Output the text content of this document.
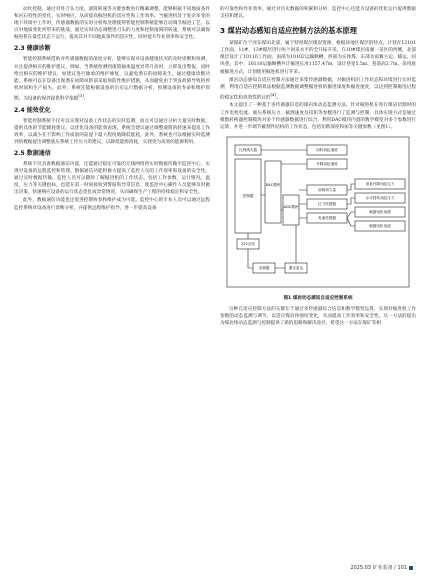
动化控制，通过对进刀头力度、滚筒转速等关键参数进行精确调整，能够根据不同地质条件和岩石特性的变化，实时响应，从而提高掘进机的适应性和工作效率。当掘进机处于复杂多变的地下环境中工作时，传感器数据的实时分析和处理使得智能控制系统能够自动调节掘进工艺，以应对地质变化所带来的挑战。通过实时动态调整进刀头的力度和控制滚筒的转速，系统可以确保掘进机在最佳状态下运行，提高其对不同地质条件的适应性，同时提升作业效率和安全性。

2.3 健康诊断

智能控制系统借助对传感器数据的深度分析，能够实现对设备健康状况的及时诊断和预测，并且提供相应的维护建议。例如，当系统检测到滚筒轴承温度异常升高时，立即发出警报，同时给出相应的维护建议，如建议进行轴承的维护修复，以避免潜在的故障发生。通过健康诊断功能，系统可以在设备出现潜在故障风险前采取预防性维护措施，从而避免由于突发故障导致的停机时间和生产损失。此外，系统还能根据设备的历史运行数据分析，预测设备的寿命和维护周期，为设备的保养提供科学依据[3]。

2.4 能效优化

智能控制系统不仅可以实现对设备工作状态的实时监测，而且可以通过分析大量实时数据，提供具体的节能降耗建议，以优化设备的能效表现。系统会建议通过调整滚筒的转速来提高工作效率，以减少在不影响工作质量的前提下最大程度地降低能耗。此外，系统也可以根据实时监测到的数据提出调整液压系统工作压力的建议，以降低能源消耗，实现更为高效的能源利用。

2.5 数据通信

系统不仅具备数据通信功能，还能通过稳定可靠的无线网络将实时数据传输至监控中心，实现对设备的远程监控和管理。数据通信功能积极大提高了监控人员的工作效率和设备的安全性。通过实时数据传输，监控人员可以随时了解掘进机的工作状态，包括工作参数、运行情况、温度、压力等关键指标，也能在第一时间接收到警报和异常信息。使监控中心操作人员能够及时做出决策，快速响应设备的运行状态变化或异常情况，从而确保生产工程的持续稳定和安全性。

此外，数据通信功能也还促进控制协参和维护成为可能。监控中心的专业人员可以通过远程监控系统对设备进行诊断分析，并提供远程维护指导，进一步提高设备

的可靠性和作业效率。通过对历史数据的积累和分析，监控中心还能为设备的优化运行提供数据支持和建议。

3 煤岩动态感知自适应控制方法的基本原理

某煤矿位于河东煤田北部，属于特厚煤层煤炭资源，根据该地区煤层的特点，计划在13101工作面、11#、13#煤层进行两个回采水平的全开拓开采。在10#煤层南翼一采区的西侧，北部煤层设计了10110工作面，南部为10102运输顺槽，西部为实体煤，东部为南翼主运、辅运、回风巷。其中，10110运输顺槽共计掘进长度1157.47m，设计巷宽5.5m，巷道高3.7m，采用底板掘进方式，计划使用掘进机进行开采。

煤岩动态感知自适应控制方法通过采集传感器数据，对掘进机的工作状态和环境进行实时监测，利用自适应控制算法根据监测数据调整掘进机的掘进深度和掘进速度，以达到控制掘进过程的稳定性和高效性的目的[4]。

本文提出了一种基于多传感器信息的煤岩体动态监测方法，针对掘进机在进行煤岩切割时的工作电机电流、液压系统压力、截割速度及扭矩等参数进行了监测与控制，具体实现方式是通过模数转换器控制模块对多个传感器数据进行综合，利用DAC模块内置的数学模型对多个参数进行运算，并进一步调节截割件结构的工作状态，包括切削深度和加等关键参数（见图1）。

比例流大器
控制器
DAC模块
ADC模块
232总线
变频器	激光雷达
回转油缸速度
升降油缸速度
前载荷力量
拉力传感器
电流传感器
垂直升降油缸压力
水平回转油缸压力
截割电机电流
截割电机电流
图1 煤岩动态感知自适应控制系统

这种自适应控制方法的关键在于通过多传感器综合信息和数学模型运算，实现对掘进机工作参数的动态监测与调节，以适应煤岩体强度变化，从而提高工作效率和安全性。这一方法的提出为煤岩体动态监测与控制提供了新的思路和解决途径，希望这一方法在煤矿等相

2025.03 矿业装备 / 101
